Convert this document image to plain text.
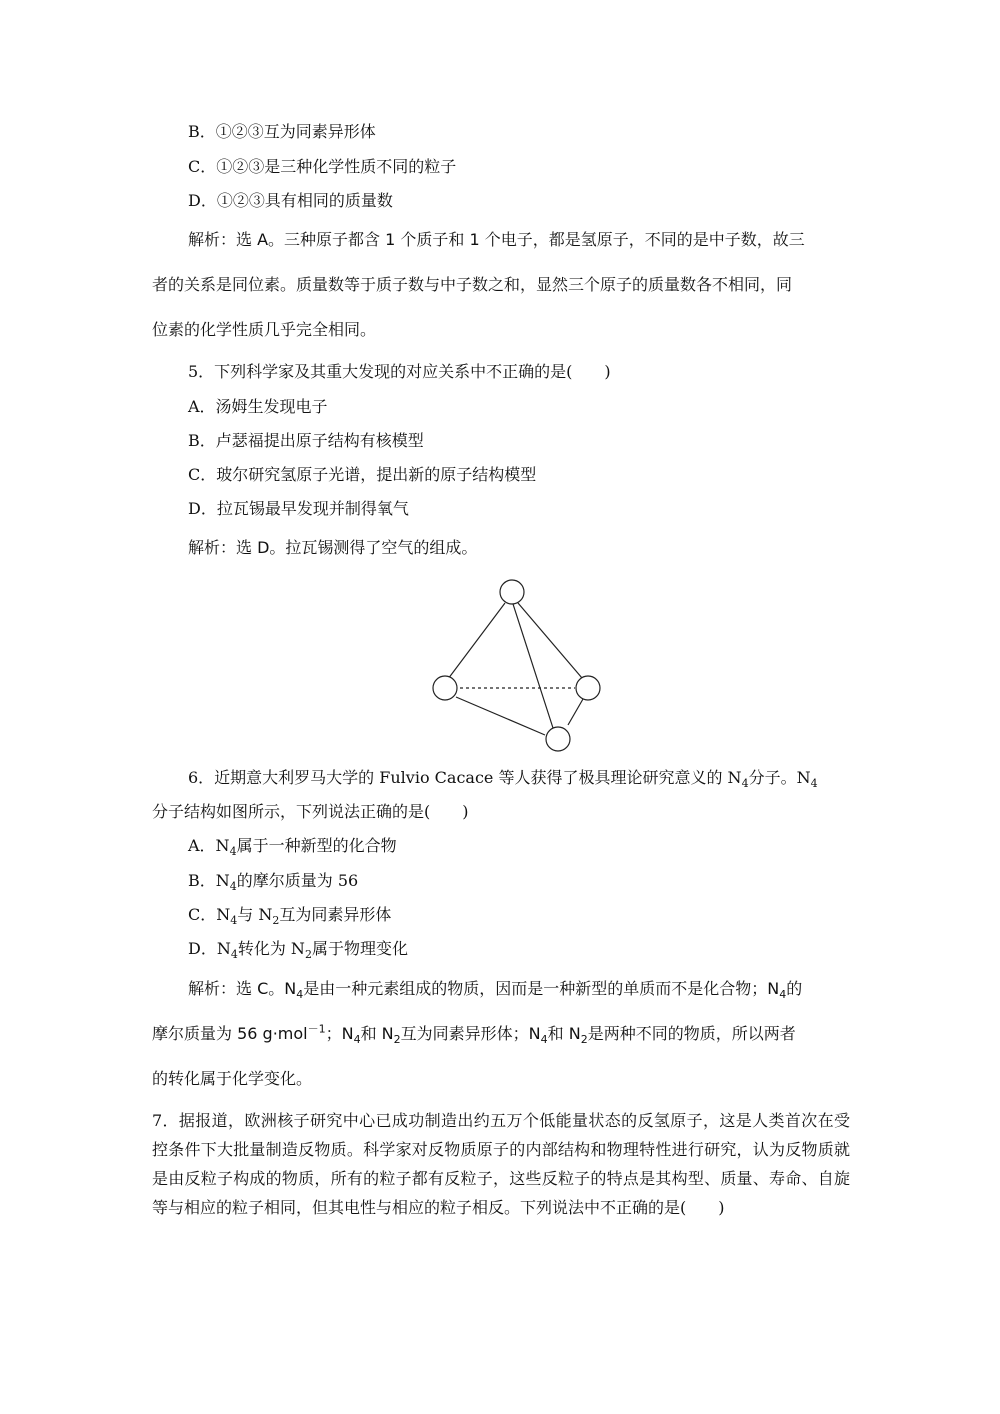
B．①②③互为同素异形体
C．①②③是三种化学性质不同的粒子
D．①②③具有相同的质量数
解析：选 A。三种原子都含 1 个质子和 1 个电子，都是氢原子，不同的是中子数，故三
者的关系是同位素。质量数等于质子数与中子数之和，显然三个原子的质量数各不相同，同
位素的化学性质几乎完全相同。
5．下列科学家及其重大发现的对应关系中不正确的是(　　)
A．汤姆生发现电子
B．卢瑟福提出原子结构有核模型
C．玻尔研究氢原子光谱，提出新的原子结构模型
D．拉瓦锡最早发现并制得氧气
解析：选 D。拉瓦锡测得了空气的组成。
6．近期意大利罗马大学的 Fulvio Cacace 等人获得了极具理论研究意义的 $N_4$分子。$N_4$
分子结构如图所示，下列说法正确的是(　　)
A．$N_4$属于一种新型的化合物
B．$N_4$的摩尔质量为 56
C．$N_4$与 $N_2$互为同素异形体
D．$N_4$转化为 $N_2$属于物理变化
解析：选 C。$N_4$是由一种元素组成的物质，因而是一种新型的单质而不是化合物；$N_4$的
摩尔质量为 56 g·mol$^{-1}$；$N_4$和 $N_2$互为同素异形体；$N_4$和 $N_2$是两种不同的物质，所以两者
的转化属于化学变化。
7．据报道，欧洲核子研究中心已成功制造出约五万个低能量状态的反氢原子，这是人类首次在受控条件下大批量制造反物质。科学家对反物质原子的内部结构和物理特性进行研究，认为反物质就是由反粒子构成的物质，所有的粒子都有反粒子，这些反粒子的特点是其构型、质量、寿命、自旋等与相应的粒子相同，但其电性与相应的粒子相反。下列说法中不正确的是(　　)
